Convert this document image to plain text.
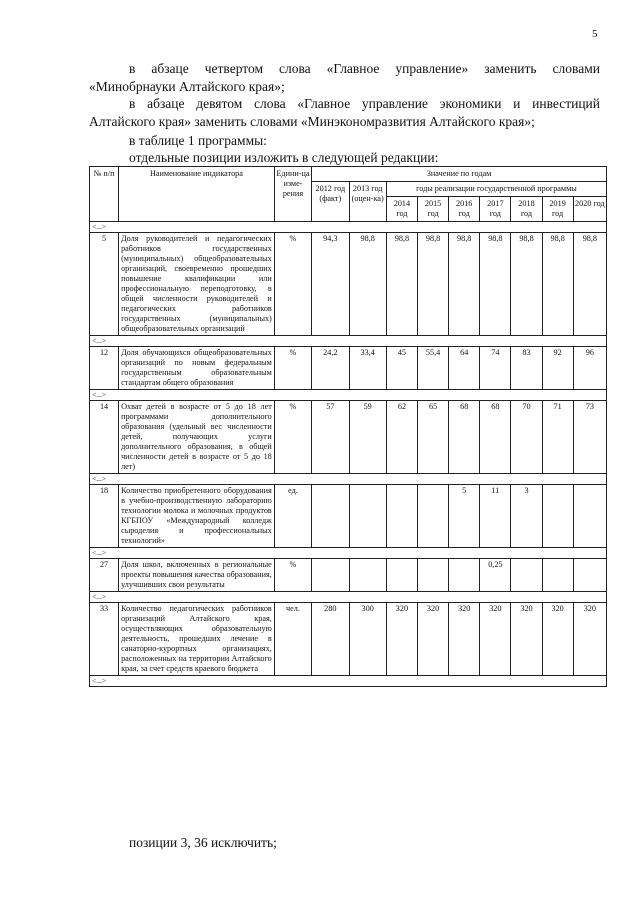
5

в абзаце четвертом слова «Главное управление» заменить словами «Минобрнауки Алтайского края»;

в абзаце девятом слова «Главное управление экономики и инвестиций Алтайского края» заменить словами «Минэкономразвития Алтайского края»;

в таблице 1 программы:

отдельные позиции изложить в следующей редакции:

№ п/п	Наименование индикатора	Едини-ца изме-рения	Значение по годам								
			2012 год (факт)	2013 год (оцен-ка)	годы реализации государственной программы						
					2014 год	2015 год	2016 год	2017 год	2018 год	2019 год	2020 год
<...>											
5	Доля руководителей и педагогических работников государственных (муниципальных) общеобразовательных организаций, своевременно прошедших повышение квалификации или профессиональную переподготовку, в общей численности руководителей и педагогических работников государственных (муниципальных) общеобразовательных организаций	%	94,3	98,8	98,8	98,8	98,8	98,8	98,8	98,8	98,8
<...>											
12	Доля обучающихся общеобразовательных организаций по новым федеральным государственным образовательным стандартам общего образования	%	24,2	33,4	45	55,4	64	74	83	92	96
<...>											
14	Охват детей в возрасте от 5 до 18 лет программами дополнительного образования (удельный вес численности детей, получающих услуги дополнительного образования, в общей численности детей в возрасте от 5 до 18 лет)	%	57	59	62	65	68	68	70	71	73
<...>											
18	Количество приобретенного оборудования в учебно-производственную лабораторию технологии молока и молочных продуктов КГБПОУ «Международный колледж сыроделия и профессиональных технологий»	ед.					5	11	3		
<...>											
27	Доля школ, включенных в региональные проекты повышения качества образования, улучшивших свои результаты	%						0,25			
<...>											
33	Количество педагогических работников организаций Алтайского края, осуществляющих образовательную деятельность, прошедших лечение в санаторно-курортных организациях, расположенных на территории Алтайского края, за счет средств краевого бюджета	чел.	280	300	320	320	320	320	320	320	320
<...>											

позиции 3, 36 исключить;
